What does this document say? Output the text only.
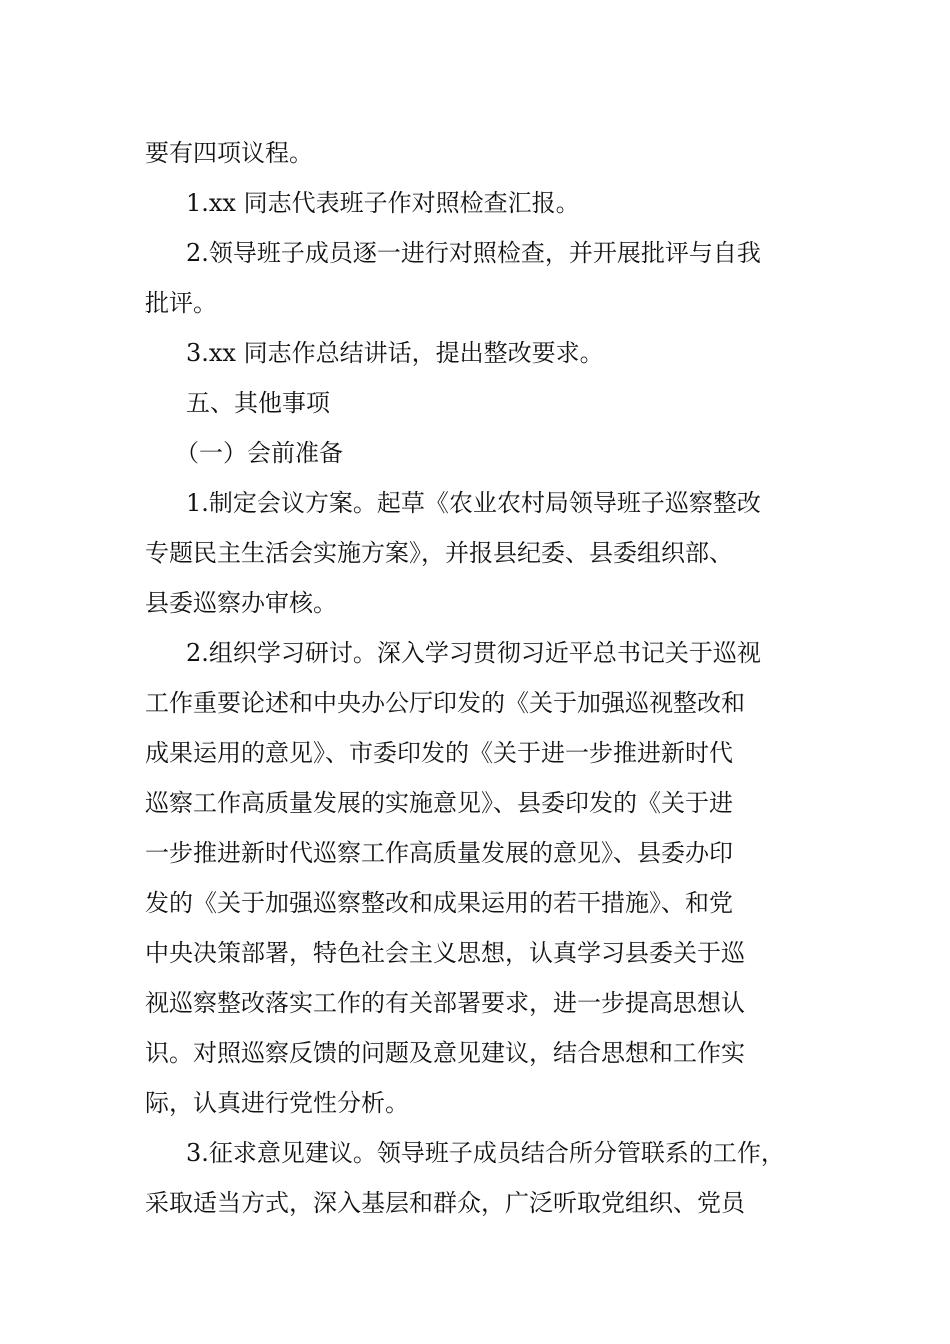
要有四项议程。
1.xx 同志代表班子作对照检查汇报。
2.领导班子成员逐一进行对照检查，并开展批评与自我
批评。
3.xx 同志作总结讲话，提出整改要求。
五、其他事项
（一）会前准备
1.制定会议方案。起草《农业农村局领导班子巡察整改
专题民主生活会实施方案》，并报县纪委、县委组织部、
县委巡察办审核。
2.组织学习研讨。深入学习贯彻习近平总书记关于巡视
工作重要论述和中央办公厅印发的《关于加强巡视整改和
成果运用的意见》、市委印发的《关于进一步推进新时代
巡察工作高质量发展的实施意见》、县委印发的《关于进
一步推进新时代巡察工作高质量发展的意见》、县委办印
发的《关于加强巡察整改和成果运用的若干措施》、和党
中央决策部署，特色社会主义思想，认真学习县委关于巡
视巡察整改落实工作的有关部署要求，进一步提高思想认
识。对照巡察反馈的问题及意见建议，结合思想和工作实
际，认真进行党性分析。
3.征求意见建议。领导班子成员结合所分管联系的工作，
采取适当方式，深入基层和群众，广泛听取党组织、党员
